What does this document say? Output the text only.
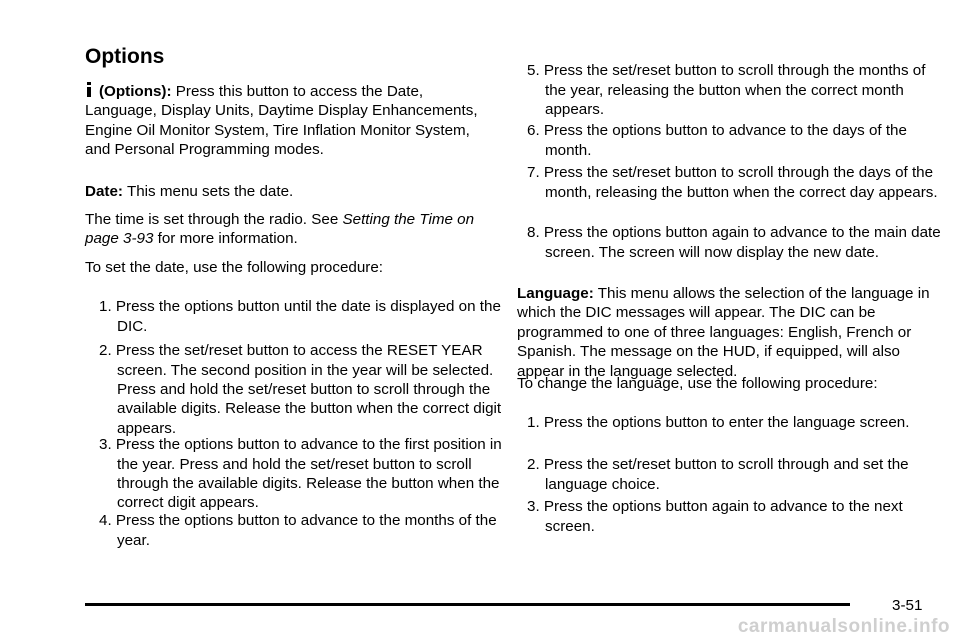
Options

(Options): Press this button to access the Date, Language, Display Units, Daytime Display Enhancements, Engine Oil Monitor System, Tire Inflation Monitor System, and Personal Programming modes.

Date: This menu sets the date.

The time is set through the radio. See Setting the Time on page 3-93 for more information.

To set the date, use the following procedure:

1. Press the options button until the date is displayed on the DIC.

2. Press the set/reset button to access the RESET YEAR screen. The second position in the year will be selected. Press and hold the set/reset button to scroll through the available digits. Release the button when the correct digit appears.

3. Press the options button to advance to the first position in the year. Press and hold the set/reset button to scroll through the available digits. Release the button when the correct digit appears.

4. Press the options button to advance to the months of the year.

5. Press the set/reset button to scroll through the months of the year, releasing the button when the correct month appears.

6. Press the options button to advance to the days of the month.

7. Press the set/reset button to scroll through the days of the month, releasing the button when the correct day appears.

8. Press the options button again to advance to the main date screen. The screen will now display the new date.

Language: This menu allows the selection of the language in which the DIC messages will appear. The DIC can be programmed to one of three languages: English, French or Spanish. The message on the HUD, if equipped, will also appear in the language selected.

To change the language, use the following procedure:

1. Press the options button to enter the language screen.

2. Press the set/reset button to scroll through and set the language choice.

3. Press the options button again to advance to the next screen.

3-51
carmanualsonline.info
